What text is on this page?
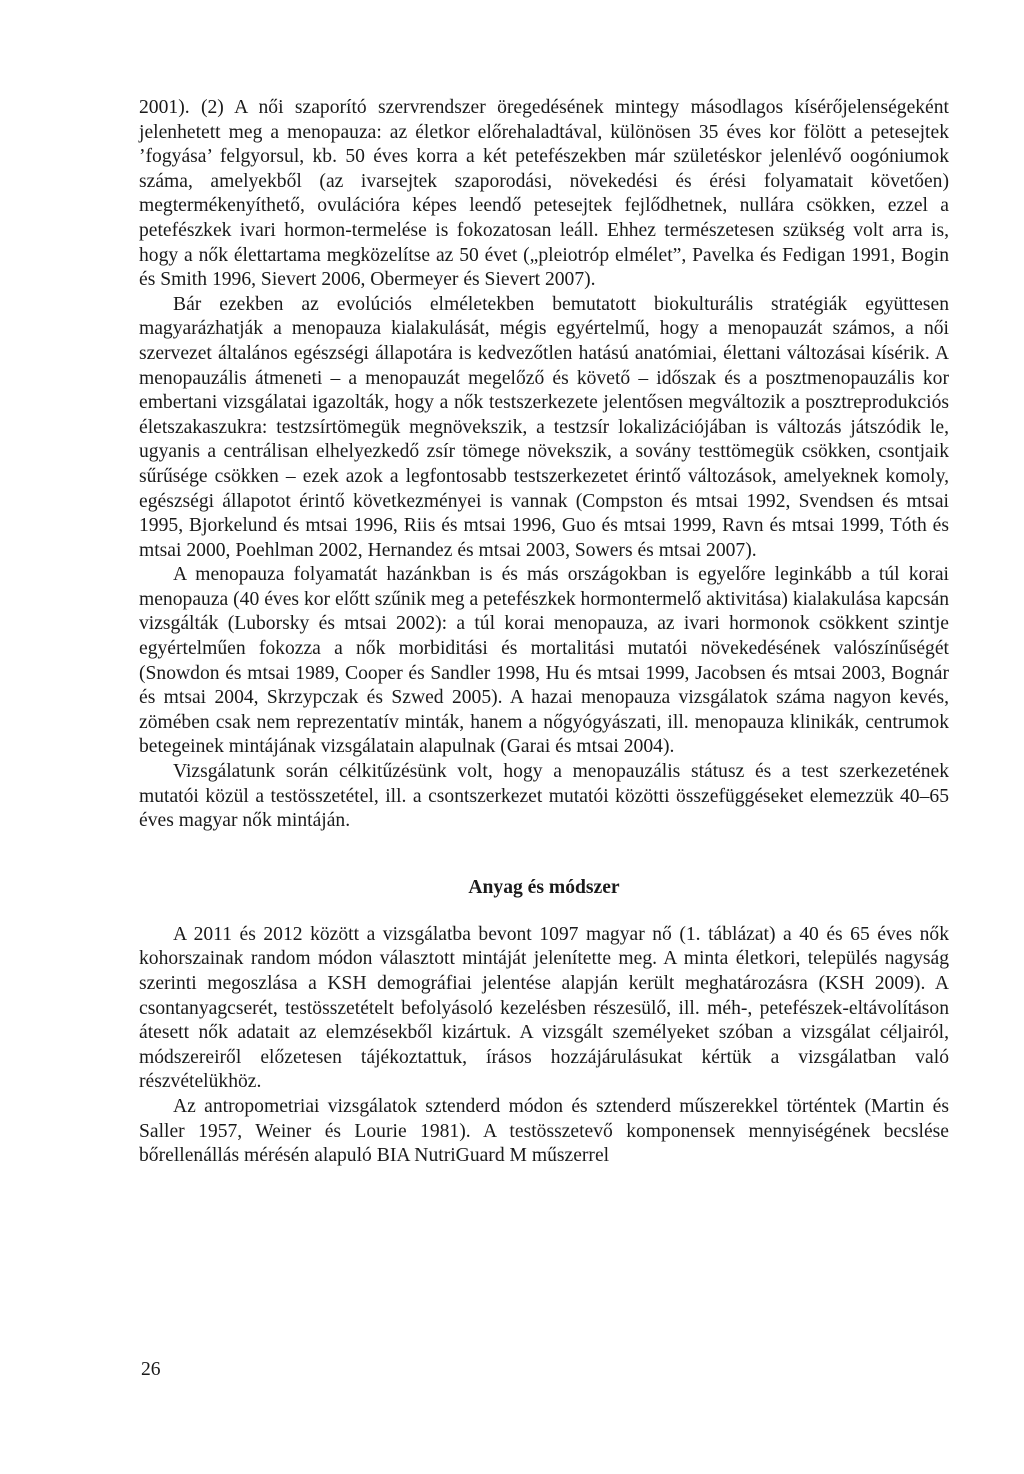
2001). (2) A női szaporító szervrendszer öregedésének mintegy másodlagos kísérőjelenségeként jelenhetett meg a menopauza: az életkor előrehaladtával, különösen 35 éves kor fölött a petesejtek ’fogyása’ felgyorsul, kb. 50 éves korra a két petefészekben már születéskor jelenlévő oogóniumok száma, amelyekből (az ivarsejtek szaporodási, növekedési és érési folyamatait követően) megtermékenyíthető, ovulációra képes leendő petesejtek fejlődhetnek, nullára csökken, ezzel a petefészkek ivari hormon-termelése is fokozatosan leáll. Ehhez természetesen szükség volt arra is, hogy a nők élettartama megközelítse az 50 évet („pleiotróp elmélet”, Pavelka és Fedigan 1991, Bogin és Smith 1996, Sievert 2006, Obermeyer és Sievert 2007).

Bár ezekben az evolúciós elméletekben bemutatott biokulturális stratégiák együttesen magyarázhatják a menopauza kialakulását, mégis egyértelmű, hogy a menopauzát számos, a női szervezet általános egészségi állapotára is kedvezőtlen hatású anatómiai, élettani változásai kísérik. A menopauzális átmeneti – a menopauzát megelőző és követő – időszak és a posztmenopauzális kor embertani vizsgálatai igazolták, hogy a nők testszerkezete jelentősen megváltozik a posztreprodukciós életszakaszukra: testzsírtömegük megnövekszik, a testzsír lokalizációjában is változás játszódik le, ugyanis a centrálisan elhelyezkedő zsír tömege növekszik, a sovány testtömegük csökken, csontjaik sűrűsége csökken – ezek azok a legfontosabb testszerkezetet érintő változások, amelyeknek komoly, egészségi állapotot érintő következményei is vannak (Compston és mtsai 1992, Svendsen és mtsai 1995, Bjorkelund és mtsai 1996, Riis és mtsai 1996, Guo és mtsai 1999, Ravn és mtsai 1999, Tóth és mtsai 2000, Poehlman 2002, Hernandez és mtsai 2003, Sowers és mtsai 2007).

A menopauza folyamatát hazánkban is és más országokban is egyelőre leginkább a túl korai menopauza (40 éves kor előtt szűnik meg a petefészkek hormontermelő aktivitása) kialakulása kapcsán vizsgálták (Luborsky és mtsai 2002): a túl korai menopauza, az ivari hormonok csökkent szintje egyértelműen fokozza a nők morbiditási és mortalitási mutatói növekedésének valószínűségét (Snowdon és mtsai 1989, Cooper és Sandler 1998, Hu és mtsai 1999, Jacobsen és mtsai 2003, Bognár és mtsai 2004, Skrzypczak és Szwed 2005). A hazai menopauza vizsgálatok száma nagyon kevés, zömében csak nem reprezentatív minták, hanem a nőgyógyászati, ill. menopauza klinikák, centrumok betegeinek mintájának vizsgálatain alapulnak (Garai és mtsai 2004).

Vizsgálatunk során célkitűzésünk volt, hogy a menopauzális státusz és a test szerkezetének mutatói közül a testösszetétel, ill. a csontszerkezet mutatói közötti összefüggéseket elemezzük 40–65 éves magyar nők mintáján.

Anyag és módszer

A 2011 és 2012 között a vizsgálatba bevont 1097 magyar nő (1. táblázat) a 40 és 65 éves nők kohorszainak random módon választott mintáját jelenítette meg. A minta életkori, település nagyság szerinti megoszlása a KSH demográfiai jelentése alapján került meghatározásra (KSH 2009). A csontanyagcserét, testösszetételt befolyásoló kezelésben részesülő, ill. méh-, petefészek-eltávolításon átesett nők adatait az elemzésekből kizártuk. A vizsgált személyeket szóban a vizsgálat céljairól, módszereiről előzetesen tájékoztattuk, írásos hozzájárulásukat kértük a vizsgálatban való részvételükhöz.

Az antropometriai vizsgálatok sztenderd módon és sztenderd műszerekkel történtek (Martin és Saller 1957, Weiner és Lourie 1981). A testösszetevő komponensek mennyiségének becslése bőrellenállás mérésén alapuló BIA NutriGuard M műszerrel

26
